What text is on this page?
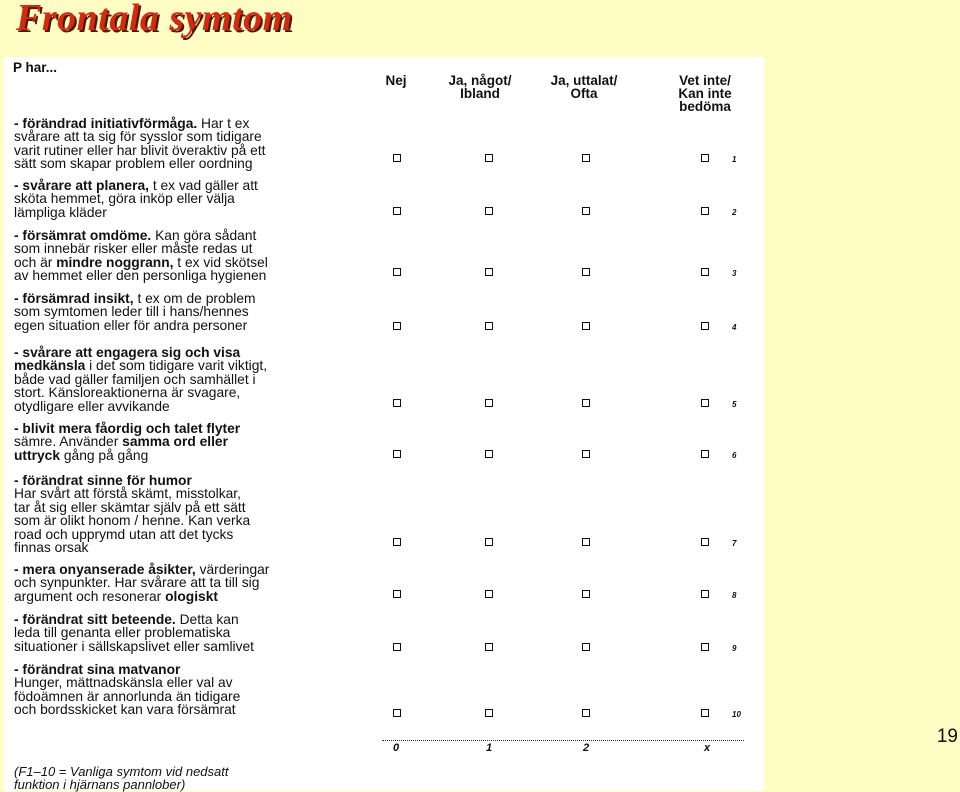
Frontala symtom
P har...
Nej	Ja, något/
Ibland
Ja, uttalat/
Ofta
Vet inte/
Kan inte
bedöma
- förändrad initiativförmåga. Har t ex
svårare att ta sig för sysslor som tidigare
varit rutiner eller har blivit överaktiv på ett
sätt som skapar problem eller oordning	1
- svårare att planera, t ex vad gäller att
sköta hemmet, göra inköp eller välja
lämpliga kläder	2
- försämrat omdöme. Kan göra sådant
som innebär risker eller måste redas ut
och är mindre noggrann, t ex vid skötsel
av hemmet eller den personliga hygienen	3
- försämrad insikt, t ex om de problem
som symtomen leder till i hans/hennes
egen situation eller för andra personer	4
- svårare att engagera sig och visa
medkänsla i det som tidigare varit viktigt,
både vad gäller familjen och samhället i
stort. Känsloreaktionerna är svagare,
otydligare eller avvikande	5
- blivit mera fåordig och talet flyter
sämre. Använder samma ord eller
uttryck gång på gång	6
- förändrat sinne för humor
Har svårt att förstå skämt, misstolkar,
tar åt sig eller skämtar själv på ett sätt
som är olikt honom / henne. Kan verka
road och upprymd utan att det tycks
finnas orsak	7
- mera onyanserade åsikter, värderingar
och synpunkter. Har svårare att ta till sig
argument och resonerar ologiskt	8
- förändrat sitt beteende. Detta kan
leda till genanta eller problematiska
situationer i sällskapslivet eller samlivet	9
- förändrat sina matvanor
Hunger, mättnadskänsla eller val av
födoämnen är annorlunda än tidigare
och bordsskicket kan vara försämrat	10
0	1	2	x
(F1–10 = Vanliga symtom vid nedsatt
funktion i hjärnans pannlober)
19
